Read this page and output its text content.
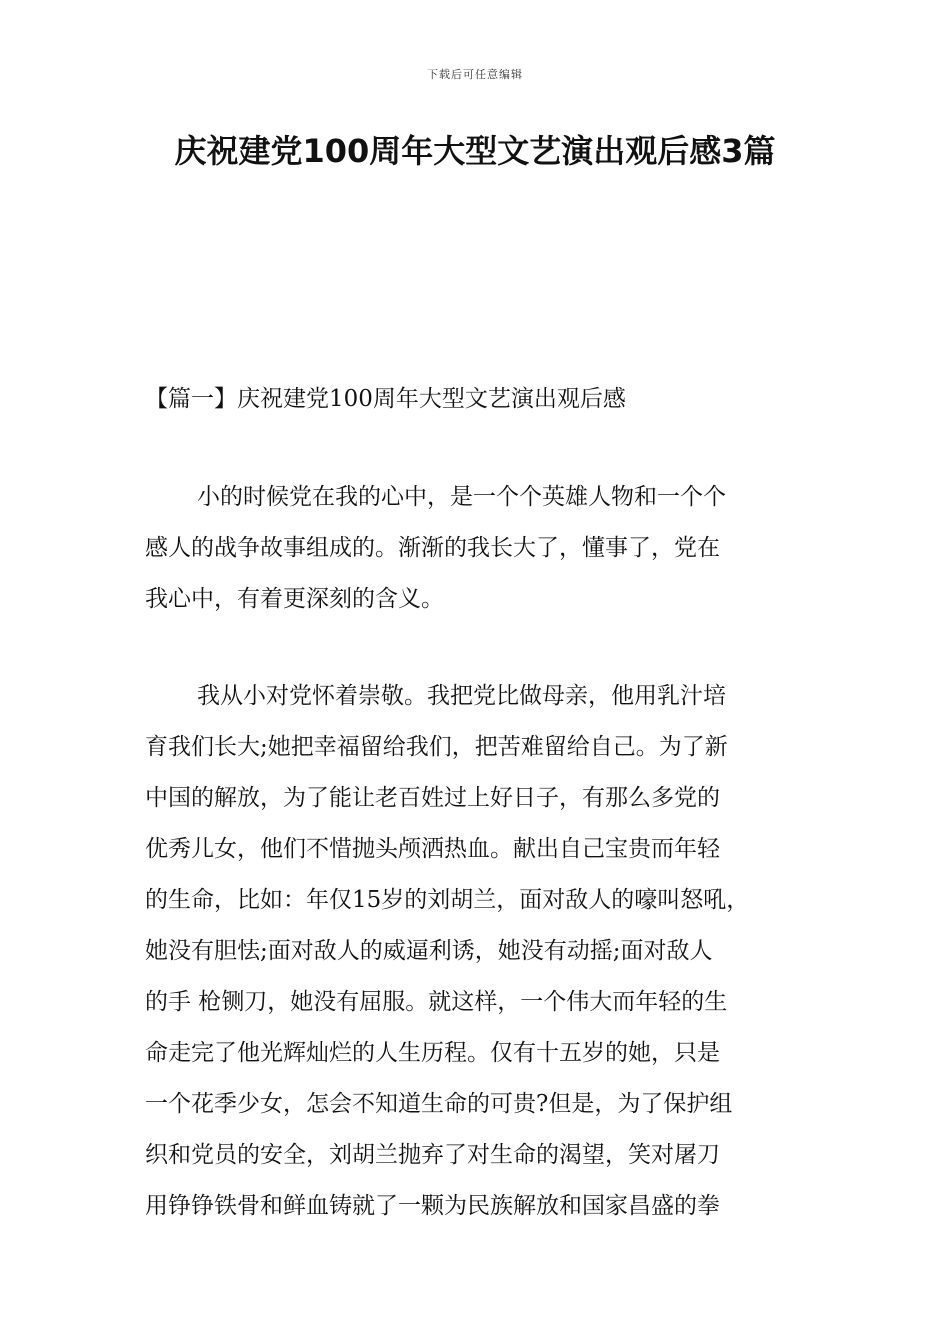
下载后可任意编辑
庆祝建党100周年大型文艺演出观后感3篇
【篇一】庆祝建党100周年大型文艺演出观后感
小的时候党在我的心中，是一个个英雄人物和一个个
感人的战争故事组成的。渐渐的我长大了，懂事了，党在
我心中，有着更深刻的含义。
我从小对党怀着崇敬。我把党比做母亲，他用乳汁培
育我们长大;她把幸福留给我们，把苦难留给自己。为了新
中国的解放，为了能让老百姓过上好日子，有那么多党的
优秀儿女，他们不惜抛头颅洒热血。献出自己宝贵而年轻
的生命，比如：年仅15岁的刘胡兰，面对敌人的嚎叫怒吼，
她没有胆怯;面对敌人的威逼利诱，她没有动摇;面对敌人
的手 枪铡刀，她没有屈服。就这样，一个伟大而年轻的生
命走完了他光辉灿烂的人生历程。仅有十五岁的她，只是
一个花季少女，怎会不知道生命的可贵?但是，为了保护组
织和党员的安全，刘胡兰抛弃了对生命的渴望，笑对屠刀
用铮铮铁骨和鲜血铸就了一颗为民族解放和国家昌盛的拳
